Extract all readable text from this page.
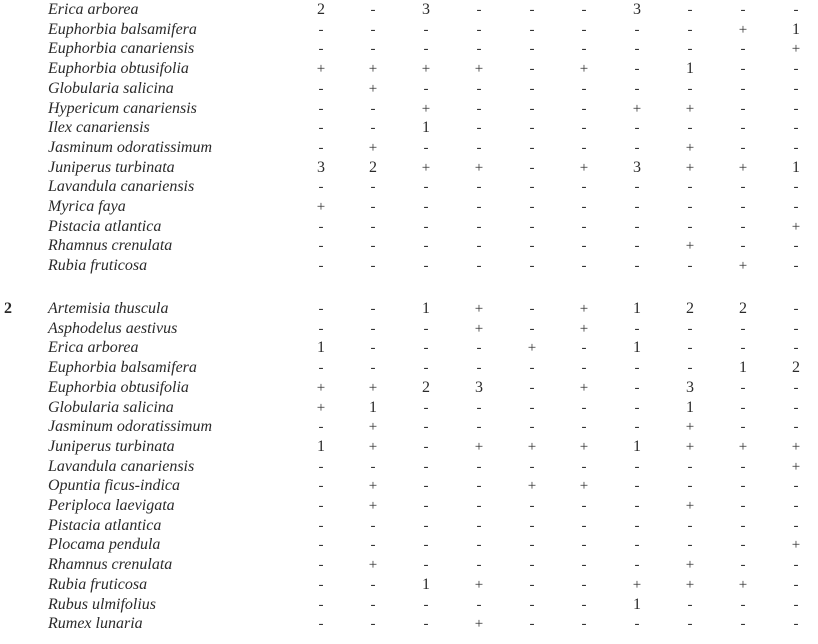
Erica arborea	2	-	3	-	-	-	3	-	-	-
Euphorbia balsamifera	-	-	-	-	-	-	-	-	+	1
Euphorbia canariensis	-	-	-	-	-	-	-	-	-	+
Euphorbia obtusifolia	+	+	+	+	-	+	-	1	-	-
Globularia salicina	-	+	-	-	-	-	-	-	-	-
Hypericum canariensis	-	-	+	-	-	-	+	+	-	-
Ilex canariensis	-	-	1	-	-	-	-	-	-	-
Jasminum odoratissimum	-	+	-	-	-	-	-	+	-	-
Juniperus turbinata	3	2	+	+	-	+	3	+	+	1
Lavandula canariensis	-	-	-	-	-	-	-	-	-	-
Myrica faya	+	-	-	-	-	-	-	-	-	-
Pistacia atlantica	-	-	-	-	-	-	-	-	-	+
Rhamnus crenulata	-	-	-	-	-	-	-	+	-	-
Rubia fruticosa	-	-	-	-	-	-	-	-	+	-
2 Artemisia thuscula	-	-	1	+	-	+	1	2	2	-
Asphodelus aestivus	-	-	-	+	-	+	-	-	-	-
Erica arborea	1	-	-	-	+	-	1	-	-	-
Euphorbia balsamifera	-	-	-	-	-	-	-	-	1	2
Euphorbia obtusifolia	+	+	2	3	-	+	-	3	-	-
Globularia salicina	+	1	-	-	-	-	-	1	-	-
Jasminum odoratissimum	-	+	-	-	-	-	-	+	-	-
Juniperus turbinata	1	+	-	+	+	+	1	+	+	+
Lavandula canariensis	-	-	-	-	-	-	-	-	-	+
Opuntia ficus-indica	-	+	-	-	+	+	-	-	-	-
Periploca laevigata	-	+	-	-	-	-	-	+	-	-
Pistacia atlantica	-	-	-	-	-	-	-	-	-	-
Plocama pendula	-	-	-	-	-	-	-	-	-	+
Rhamnus crenulata	-	+	-	-	-	-	-	+	-	-
Rubia fruticosa	-	-	1	+	-	-	+	+	+	-
Rubus ulmifolius	-	-	-	-	-	-	1	-	-	-
Rumex lunaria	-	-	-	+	-	-	-	-	-	-
